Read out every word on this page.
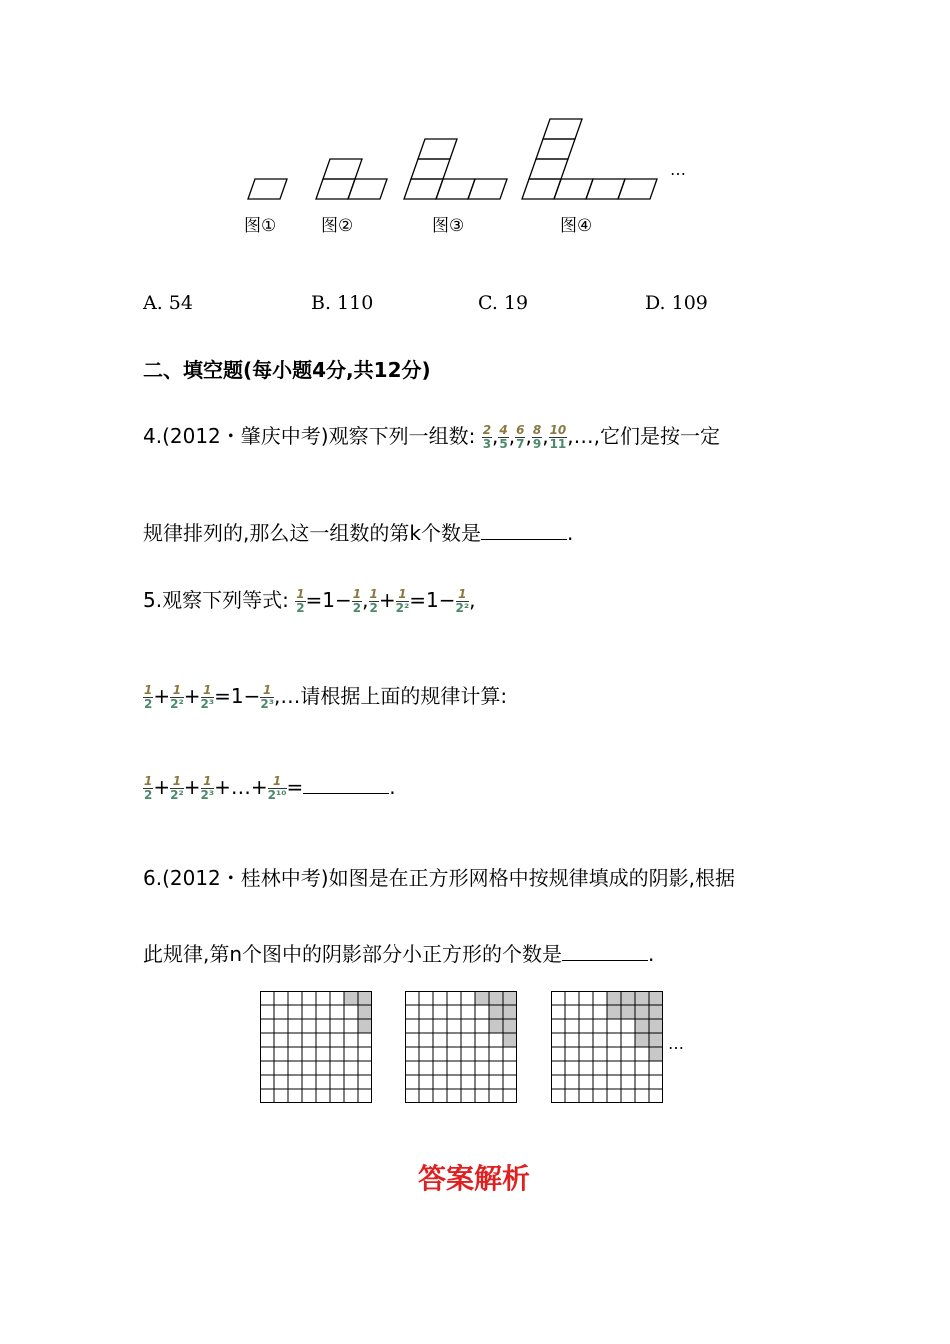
…
图①	图②	图③	图④
A. 54	B. 110	C. 19	D. 109
二、填空题(每小题4分,共12分)
4.(2012・肇庆中考)观察下列一组数: $\frac{2}{3}$ , $\frac{4}{5}$ , $\frac{6}{7}$ , $\frac{8}{9}$ , $\frac{10}{11}$ ,…,它们是按一定
规律排列的,那么这一组数的第k个数是	.
5.观察下列等式: $\frac{1}{2} =1- \frac{1}{2}$ , $\frac{1}{2} + \frac{1}{\text{2²}} =1- \frac{1}{\text{2²}}$ ,
$\frac{1}{2} + \frac{1}{\text{2²}} + \frac{1}{\text{2³}} =1- \frac{1}{\text{2³}}$ ,…请根据上面的规律计算:
$\frac{1}{2} + \frac{1}{\text{2²}} + \frac{1}{\text{2³}}$ +…+ $\frac{1}{\text{2¹⁰}}$ =	.
6.(2012・桂林中考)如图是在正方形网格中按规律填成的阴影,根据
此规律,第n个图中的阴影部分小正方形的个数是	.
…
答案解析
